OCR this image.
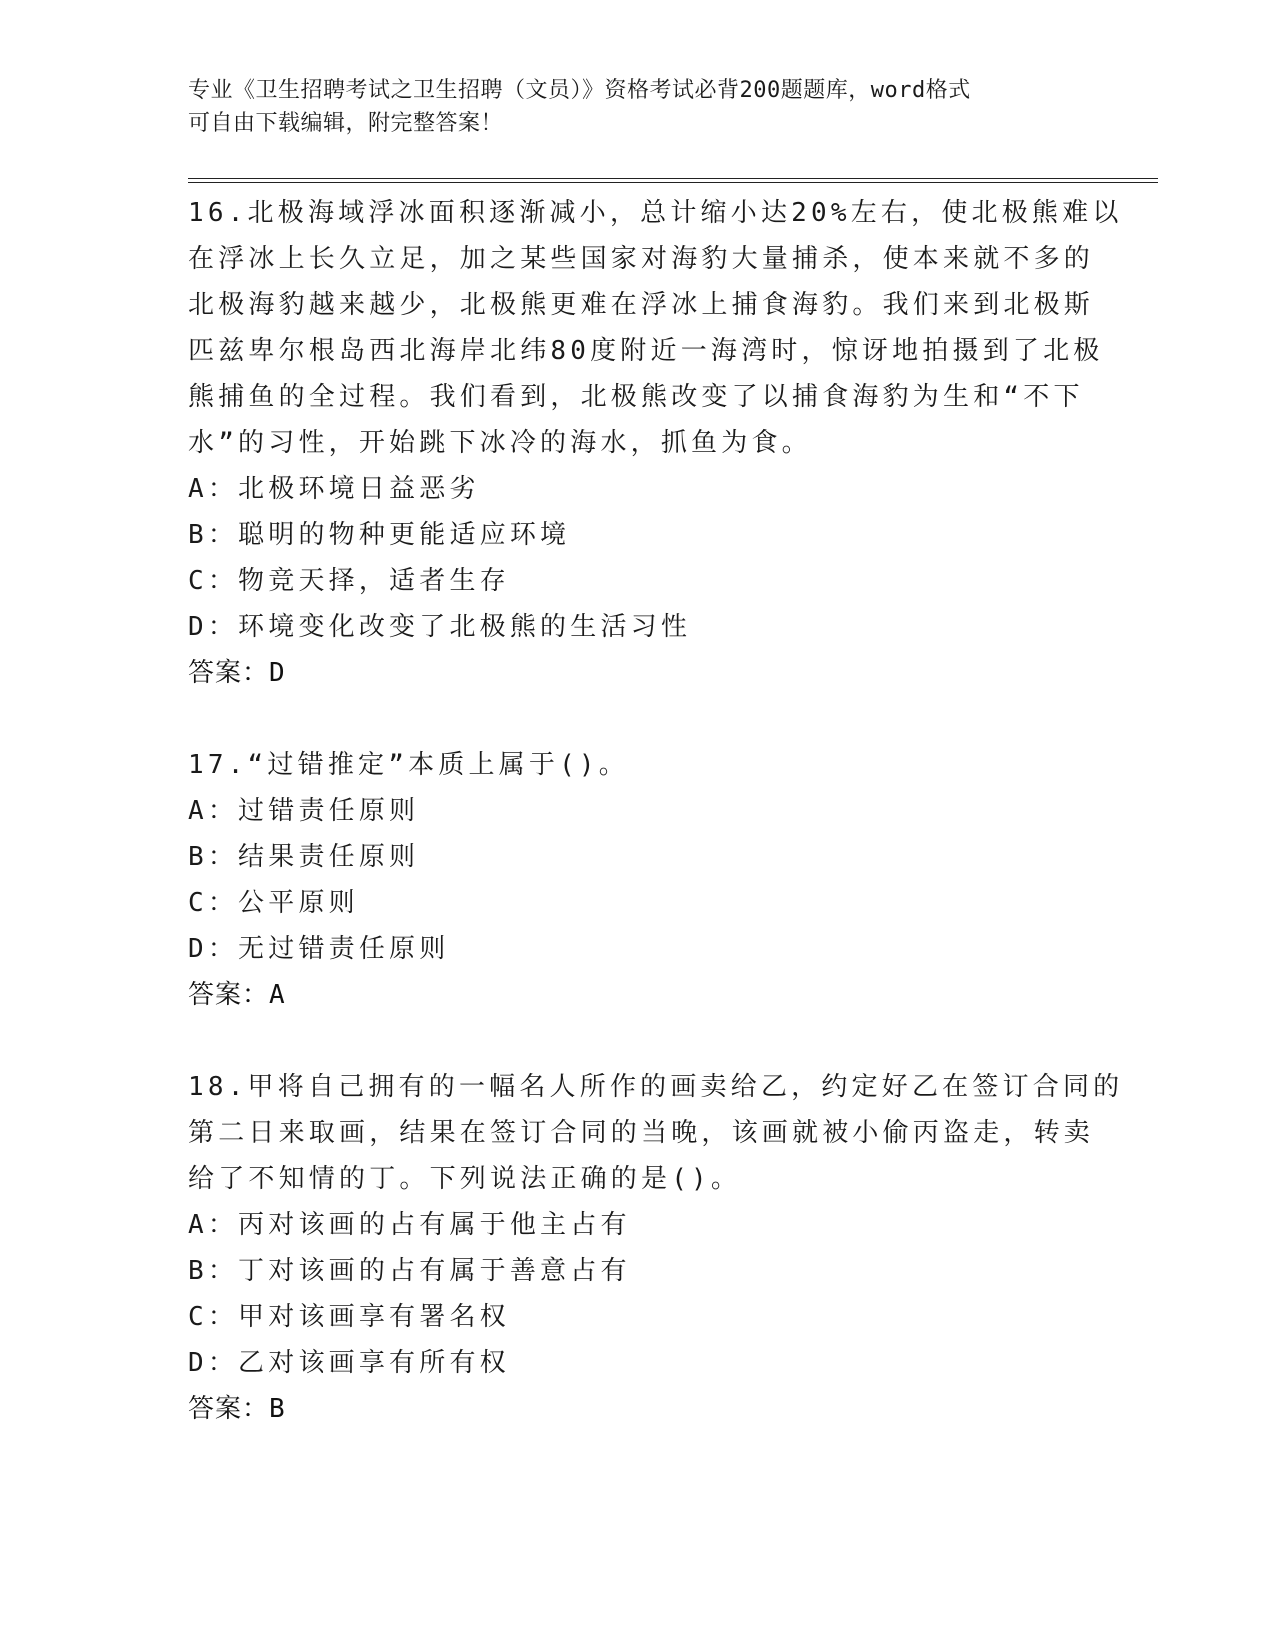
专业《卫生招聘考试之卫生招聘（文员）》资格考试必背200题题库，word格式
可自由下载编辑，附完整答案！
16.北极海域浮冰面积逐渐减小，总计缩小达20%左右，使北极熊难以
在浮冰上长久立足，加之某些国家对海豹大量捕杀，使本来就不多的
北极海豹越来越少，北极熊更难在浮冰上捕食海豹。我们来到北极斯
匹兹卑尔根岛西北海岸北纬80度附近一海湾时，惊讶地拍摄到了北极
熊捕鱼的全过程。我们看到，北极熊改变了以捕食海豹为生和“不下
水”的习性，开始跳下冰冷的海水，抓鱼为食。
A：北极环境日益恶劣
B：聪明的物种更能适应环境
C：物竞天择，适者生存
D：环境变化改变了北极熊的生活习性
答案：D
17.“过错推定”本质上属于()。
A：过错责任原则
B：结果责任原则
C：公平原则
D：无过错责任原则
答案：A
18.甲将自己拥有的一幅名人所作的画卖给乙，约定好乙在签订合同的
第二日来取画，结果在签订合同的当晚，该画就被小偷丙盗走，转卖
给了不知情的丁。下列说法正确的是()。
A：丙对该画的占有属于他主占有
B：丁对该画的占有属于善意占有
C：甲对该画享有署名权
D：乙对该画享有所有权
答案：B
